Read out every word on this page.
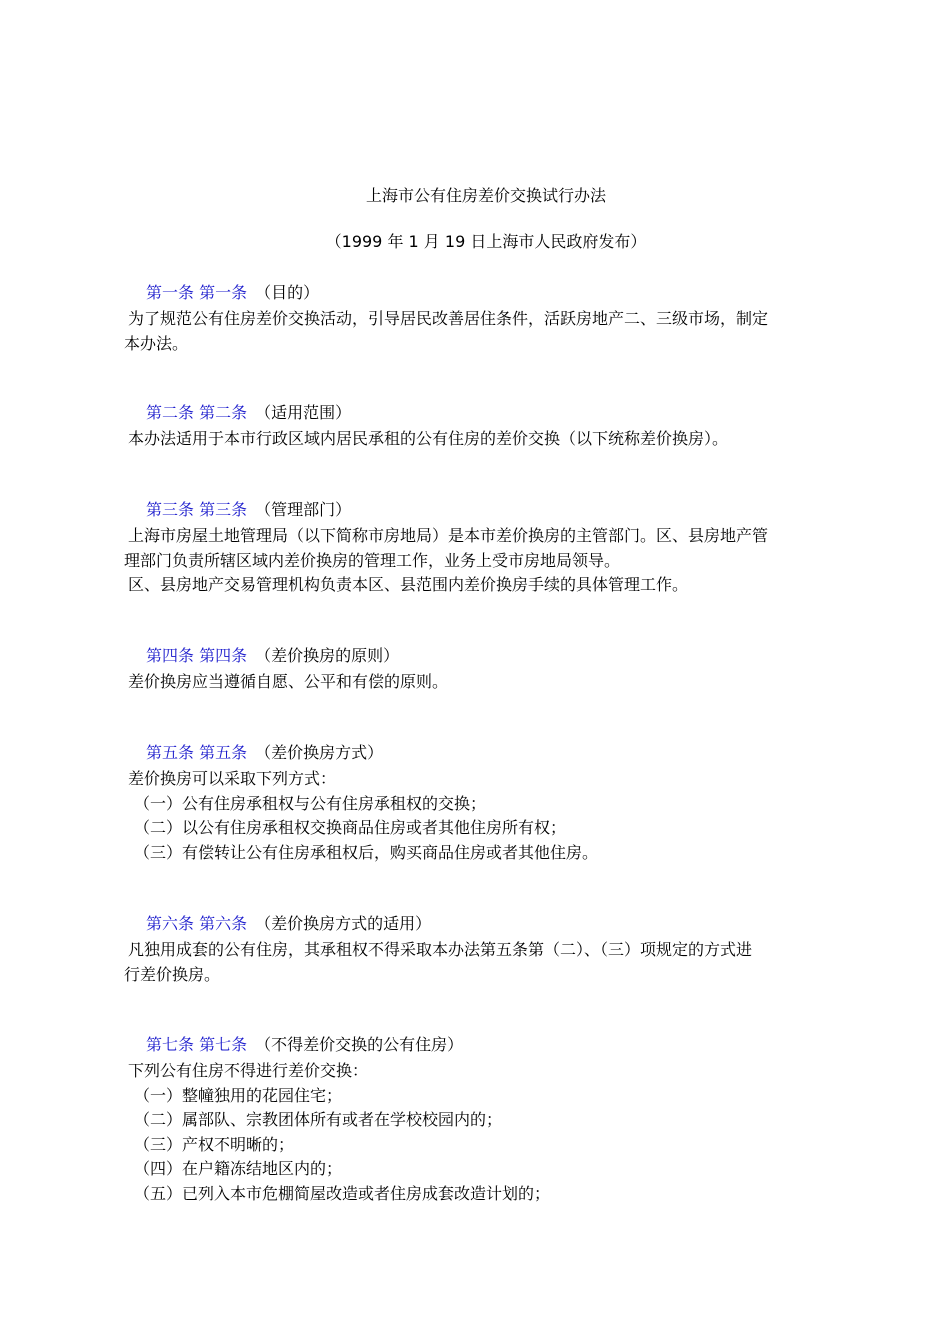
上海市公有住房差价交换试行办法
（1999 年 1 月 19 日上海市人民政府发布）
第一条 第一条 （目的）
为了规范公有住房差价交换活动，引导居民改善居住条件，活跃房地产二、三级市场，制定
本办法。
第二条 第二条 （适用范围）
本办法适用于本市行政区域内居民承租的公有住房的差价交换（以下统称差价换房）。
第三条 第三条 （管理部门）
上海市房屋土地管理局（以下简称市房地局）是本市差价换房的主管部门。区、县房地产管
理部门负责所辖区域内差价换房的管理工作，业务上受市房地局领导。
区、县房地产交易管理机构负责本区、县范围内差价换房手续的具体管理工作。
第四条 第四条 （差价换房的原则）
差价换房应当遵循自愿、公平和有偿的原则。
第五条 第五条 （差价换房方式）
差价换房可以采取下列方式：
（一）公有住房承租权与公有住房承租权的交换；
（二）以公有住房承租权交换商品住房或者其他住房所有权；
（三）有偿转让公有住房承租权后，购买商品住房或者其他住房。
第六条 第六条 （差价换房方式的适用）
凡独用成套的公有住房，其承租权不得采取本办法第五条第（二）、（三）项规定的方式进
行差价换房。
第七条 第七条 （不得差价交换的公有住房）
下列公有住房不得进行差价交换：
（一）整幢独用的花园住宅；
（二）属部队、宗教团体所有或者在学校校园内的；
（三）产权不明晰的；
（四）在户籍冻结地区内的；
（五）已列入本市危棚简屋改造或者住房成套改造计划的；
